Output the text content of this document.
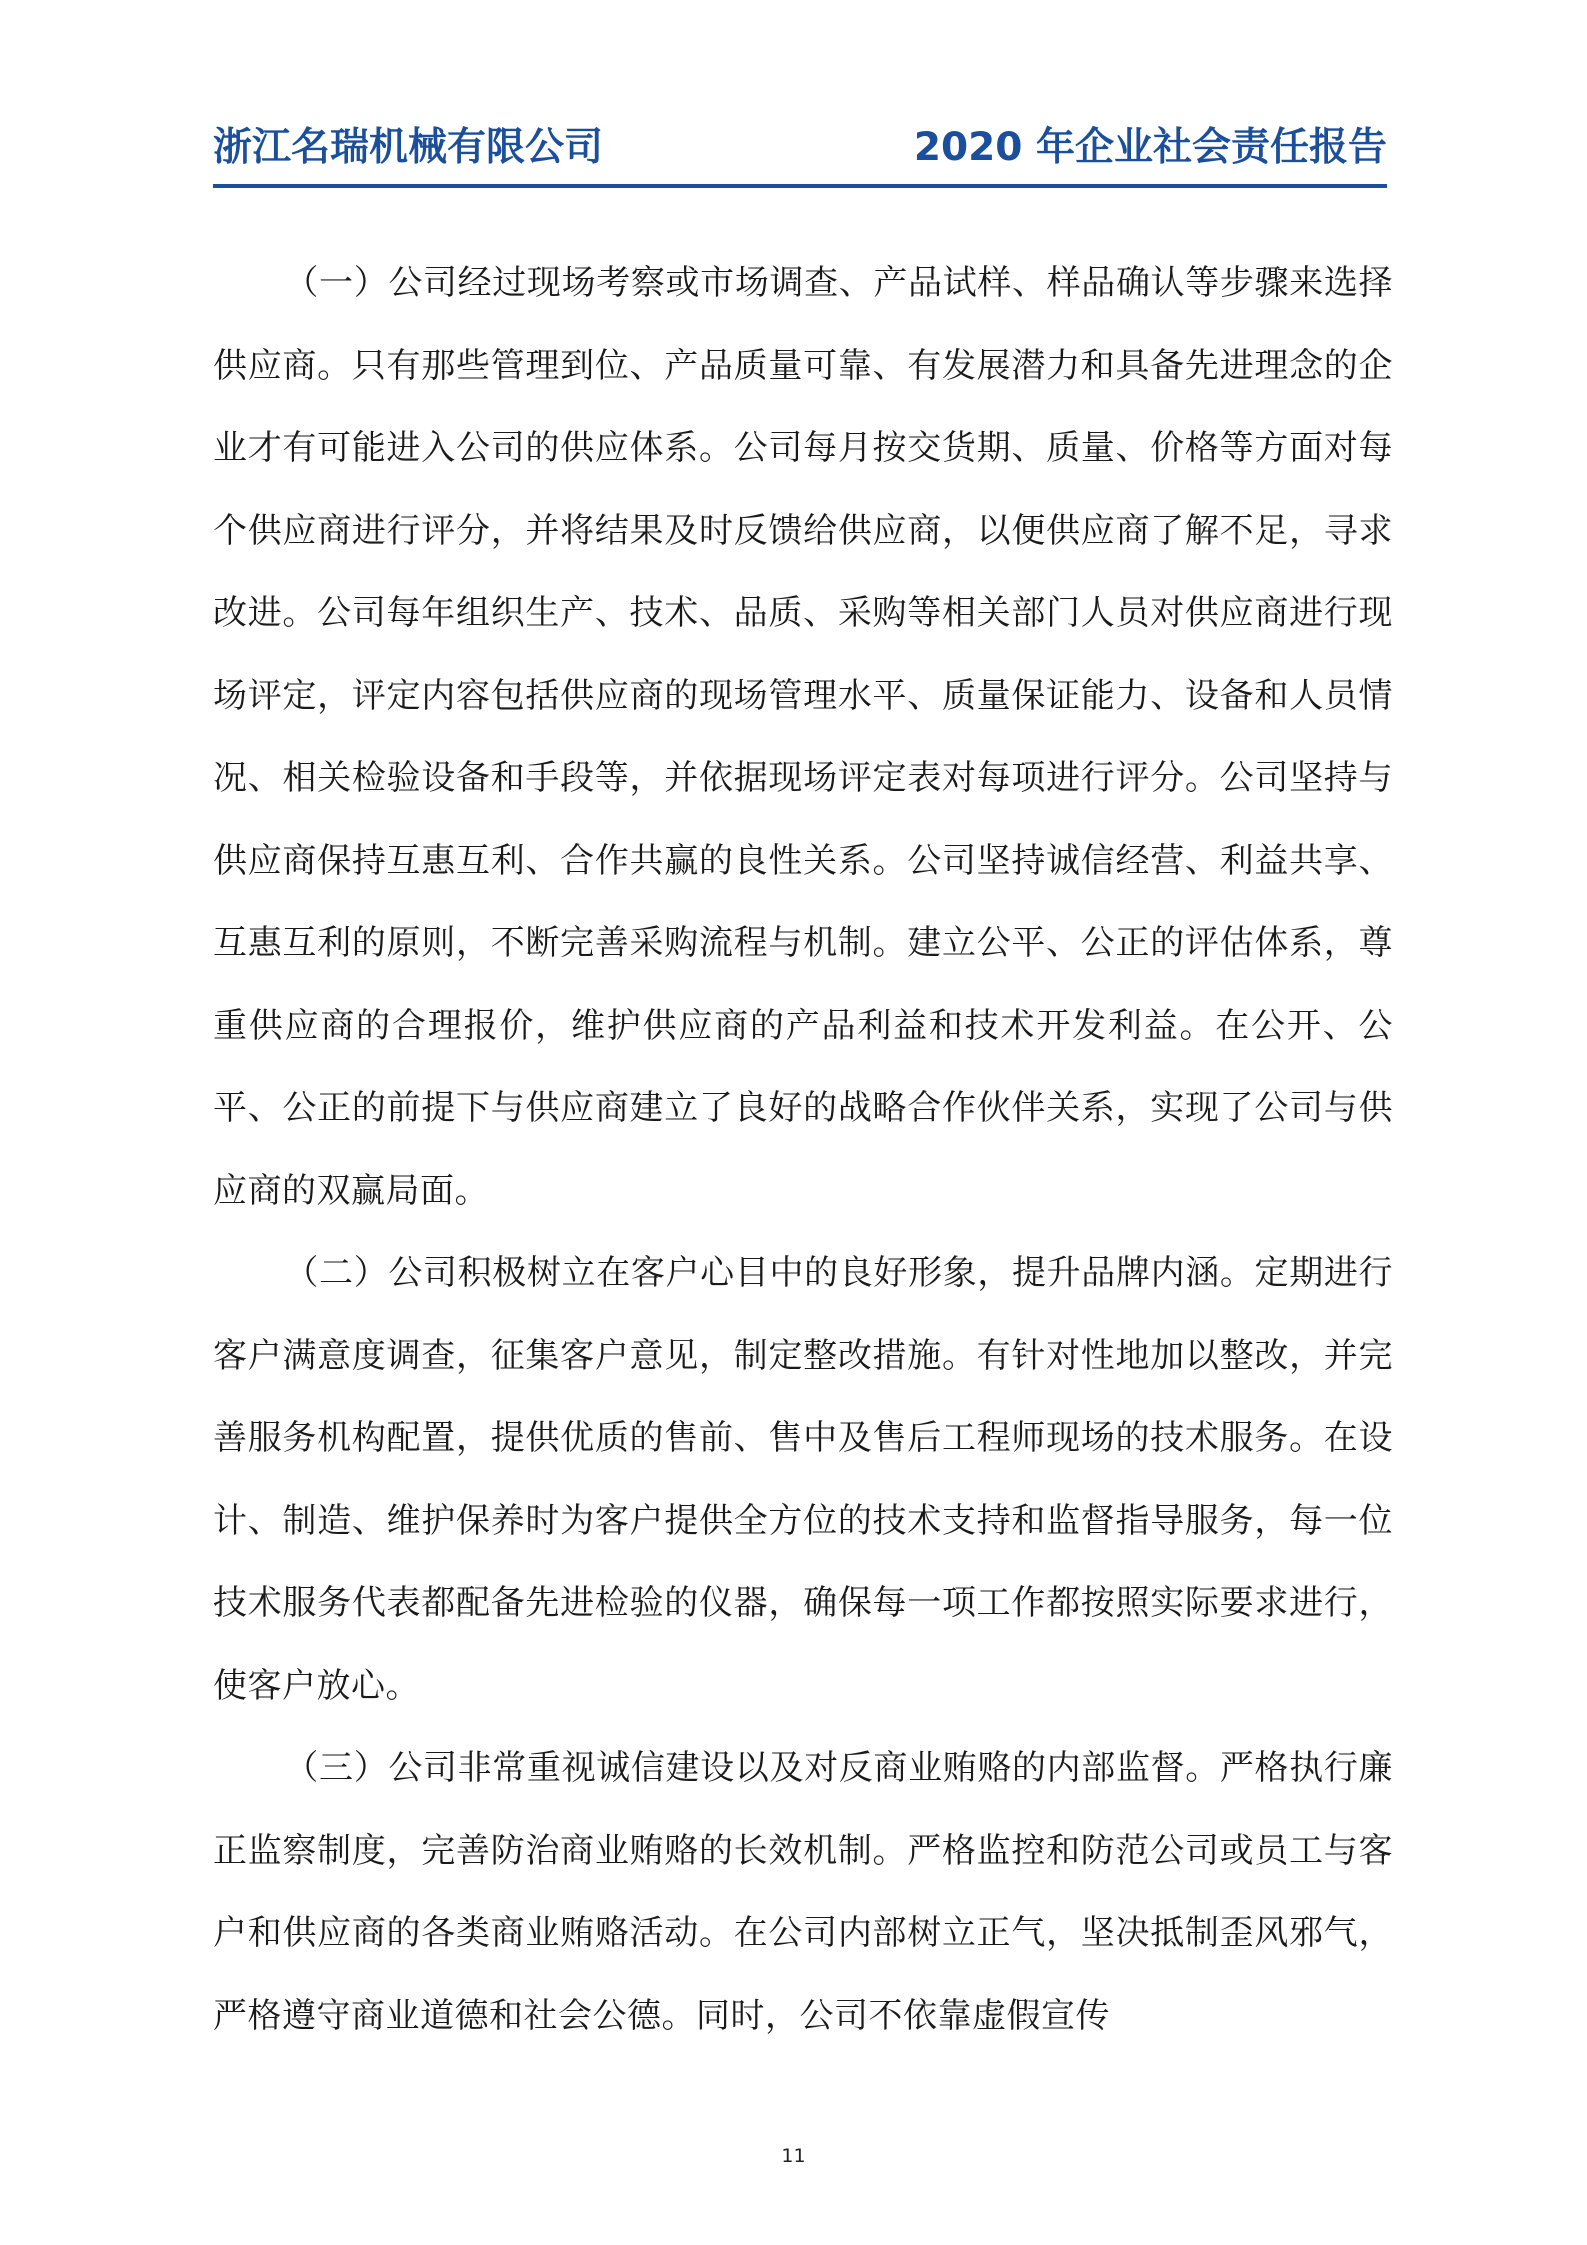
浙江名瑞机械有限公司	2020 年企业社会责任报告

（一）公司经过现场考察或市场调查、产品试样、样品确认等步骤来选择供应商。只有那些管理到位、产品质量可靠、有发展潜力和具备先进理念的企业才有可能进入公司的供应体系。公司每月按交货期、质量、价格等方面对每个供应商进行评分，并将结果及时反馈给供应商，以便供应商了解不足，寻求改进。公司每年组织生产、技术、品质、采购等相关部门人员对供应商进行现场评定，评定内容包括供应商的现场管理水平、质量保证能力、设备和人员情况、相关检验设备和手段等，并依据现场评定表对每项进行评分。公司坚持与供应商保持互惠互利、合作共赢的良性关系。公司坚持诚信经营、利益共享、互惠互利的原则，不断完善采购流程与机制。建立公平、公正的评估体系，尊重供应商的合理报价，维护供应商的产品利益和技术开发利益。在公开、公平、公正的前提下与供应商建立了良好的战略合作伙伴关系，实现了公司与供应商的双赢局面。

（二）公司积极树立在客户心目中的良好形象，提升品牌内涵。定期进行客户满意度调查，征集客户意见，制定整改措施。有针对性地加以整改，并完善服务机构配置，提供优质的售前、售中及售后工程师现场的技术服务。在设计、制造、维护保养时为客户提供全方位的技术支持和监督指导服务，每一位技术服务代表都配备先进检验的仪器，确保每一项工作都按照实际要求进行，使客户放心。

（三）公司非常重视诚信建设以及对反商业贿赂的内部监督。严格执行廉正监察制度，完善防治商业贿赂的长效机制。严格监控和防范公司或员工与客户和供应商的各类商业贿赂活动。在公司内部树立正气，坚决抵制歪风邪气，严格遵守商业道德和社会公德。同时，公司不依靠虚假宣传

11
